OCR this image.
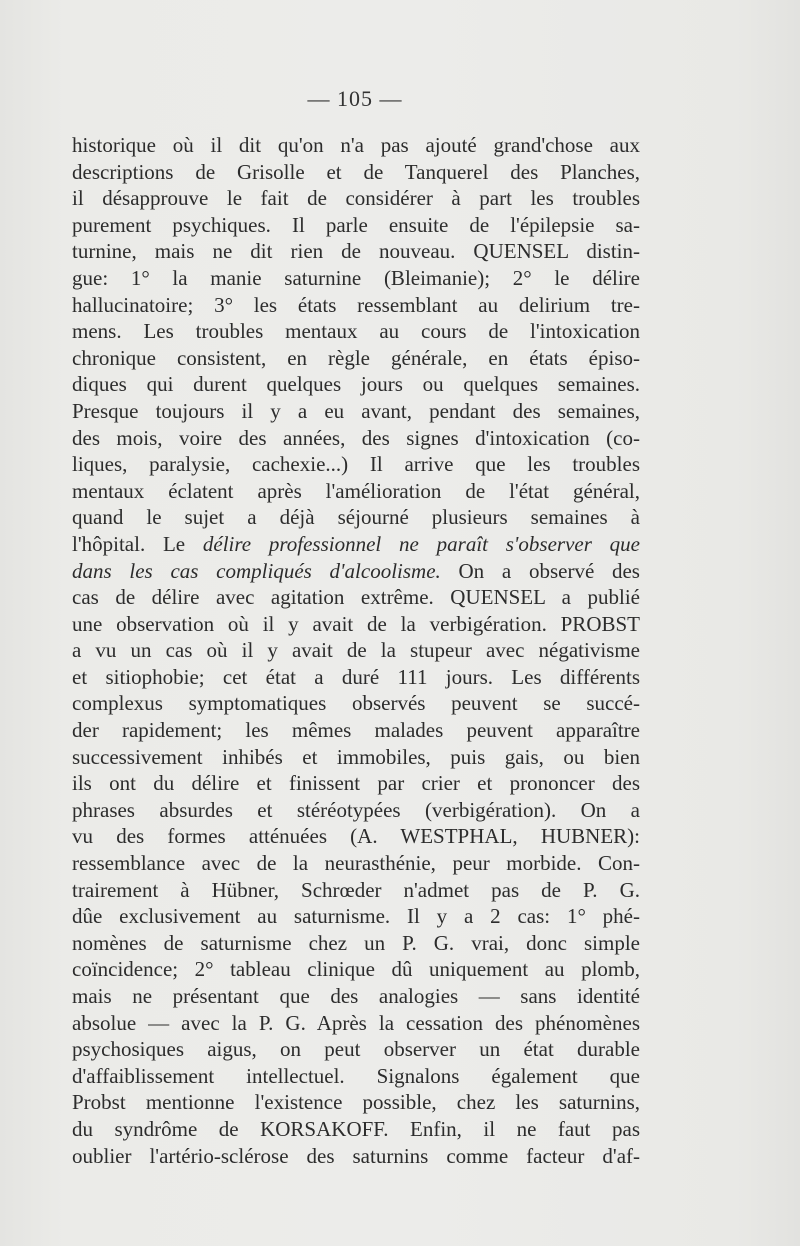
— 105 —
historique où il dit qu'on n'a pas ajouté grand'chose aux
descriptions de Grisolle et de Tanquerel des Planches,
il désapprouve le fait de considérer à part les troubles
purement psychiques. Il parle ensuite de l'épilepsie sa-
turnine, mais ne dit rien de nouveau. QUENSEL distin-
gue: 1° la manie saturnine (Bleimanie); 2° le délire
hallucinatoire; 3° les états ressemblant au delirium tre-
mens. Les troubles mentaux au cours de l'intoxication
chronique consistent, en règle générale, en états épiso-
diques qui durent quelques jours ou quelques semaines.
Presque toujours il y a eu avant, pendant des semaines,
des mois, voire des années, des signes d'intoxication (co-
liques, paralysie, cachexie...) Il arrive que les troubles
mentaux éclatent après l'amélioration de l'état général,
quand le sujet a déjà séjourné plusieurs semaines à
l'hôpital. Le délire professionnel ne paraît s'observer que
dans les cas compliqués d'alcoolisme. On a observé des
cas de délire avec agitation extrême. QUENSEL a publié
une observation où il y avait de la verbigération. PROBST
a vu un cas où il y avait de la stupeur avec négativisme
et sitiophobie; cet état a duré 111 jours. Les différents
complexus symptomatiques observés peuvent se succé-
der rapidement; les mêmes malades peuvent apparaître
successivement inhibés et immobiles, puis gais, ou bien
ils ont du délire et finissent par crier et prononcer des
phrases absurdes et stéréotypées (verbigération). On a
vu des formes atténuées (A. WESTPHAL, HUBNER):
ressemblance avec de la neurasthénie, peur morbide. Con-
trairement à Hübner, Schrœder n'admet pas de P. G.
dûe exclusivement au saturnisme. Il y a 2 cas: 1° phé-
nomènes de saturnisme chez un P. G. vrai, donc simple
coïncidence; 2° tableau clinique dû uniquement au plomb,
mais ne présentant que des analogies — sans identité
absolue — avec la P. G. Après la cessation des phénomènes
psychosiques aigus, on peut observer un état durable
d'affaiblissement intellectuel. Signalons également que
Probst mentionne l'existence possible, chez les saturnins,
du syndrôme de KORSAKOFF. Enfin, il ne faut pas
oublier l'artério-sclérose des saturnins comme facteur d'af-
